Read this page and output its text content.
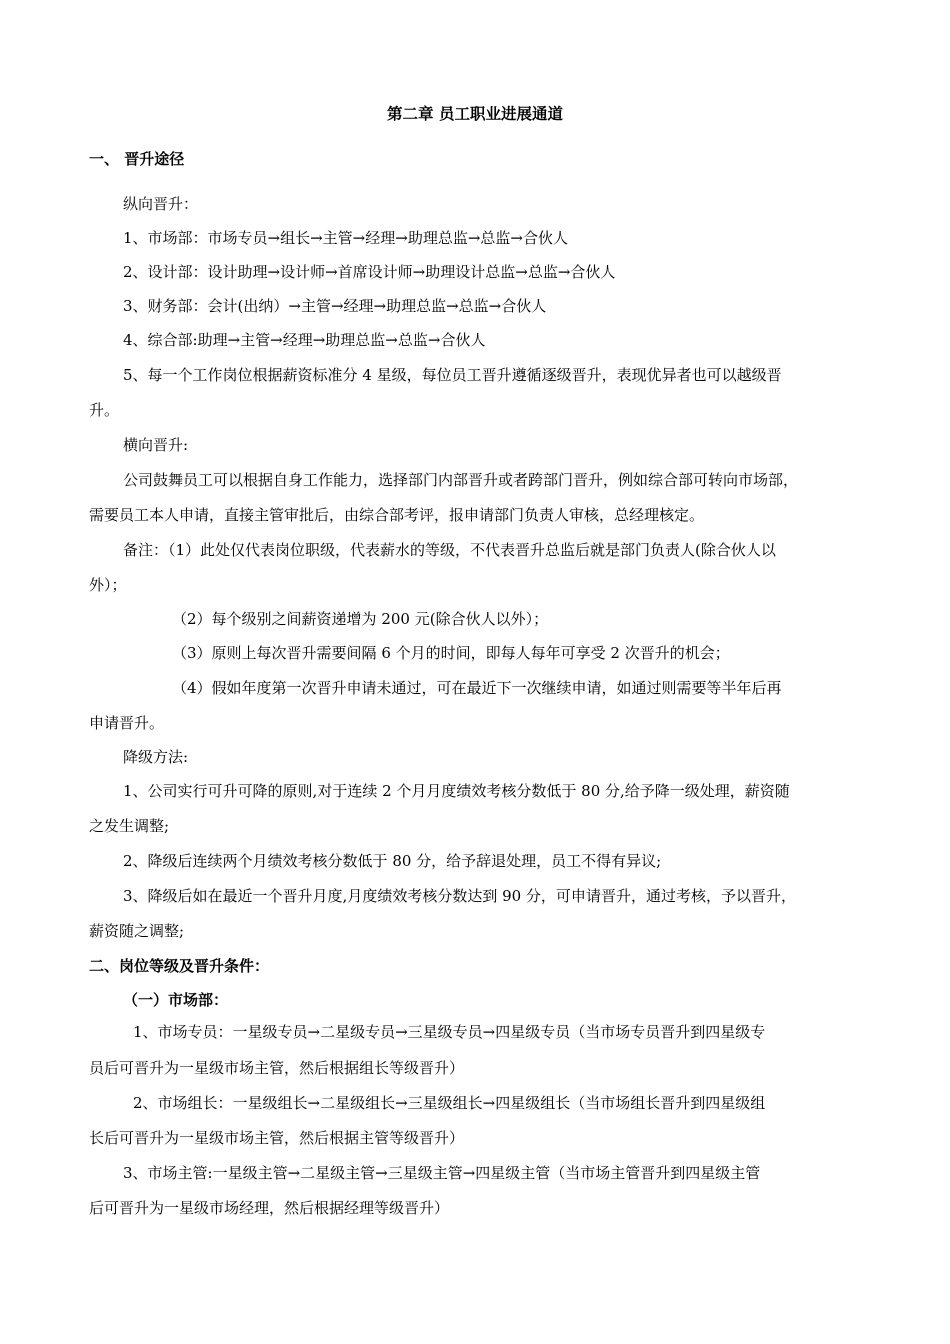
第二章 员工职业进展通道
一、 晋升途径
纵向晋升：
1、市场部：市场专员→组长→主管→经理→助理总监→总监→合伙人
2、设计部：设计助理→设计师→首席设计师→助理设计总监→总监→合伙人
3、财务部：会计(出纳）→主管→经理→助理总监→总监→合伙人
4、综合部:助理→主管→经理→助理总监→总监→合伙人
5、每一个工作岗位根据薪资标准分 4 星级，每位员工晋升遵循逐级晋升，表现优异者也可以越级晋
升。
横向晋升:
公司鼓舞员工可以根据自身工作能力，选择部门内部晋升或者跨部门晋升，例如综合部可转向市场部，
需要员工本人申请，直接主管审批后，由综合部考评，报申请部门负责人审核，总经理核定。
备注：（1）此处仅代表岗位职级，代表薪水的等级，不代表晋升总监后就是部门负责人(除合伙人以
外）；
（2）每个级别之间薪资递增为 200 元(除合伙人以外）；
（3）原则上每次晋升需要间隔 6 个月的时间，即每人每年可享受 2 次晋升的机会；
（4）假如年度第一次晋升申请未通过，可在最近下一次继续申请，如通过则需要等半年后再
申请晋升。
降级方法:
1、公司实行可升可降的原则,对于连续 2 个月月度绩效考核分数低于 80 分,给予降一级处理，薪资随
之发生调整;
2、降级后连续两个月绩效考核分数低于 80 分，给予辞退处理，员工不得有异议;
3、降级后如在最近一个晋升月度,月度绩效考核分数达到 90 分，可申请晋升，通过考核，予以晋升，
薪资随之调整;
二、岗位等级及晋升条件：
（一）市场部：
1、市场专员：一星级专员→二星级专员→三星级专员→四星级专员（当市场专员晋升到四星级专
员后可晋升为一星级市场主管，然后根据组长等级晋升）
2、市场组长：一星级组长→二星级组长→三星级组长→四星级组长（当市场组长晋升到四星级组
长后可晋升为一星级市场主管，然后根据主管等级晋升）
3、市场主管:一星级主管→二星级主管→三星级主管→四星级主管（当市场主管晋升到四星级主管
后可晋升为一星级市场经理，然后根据经理等级晋升）
